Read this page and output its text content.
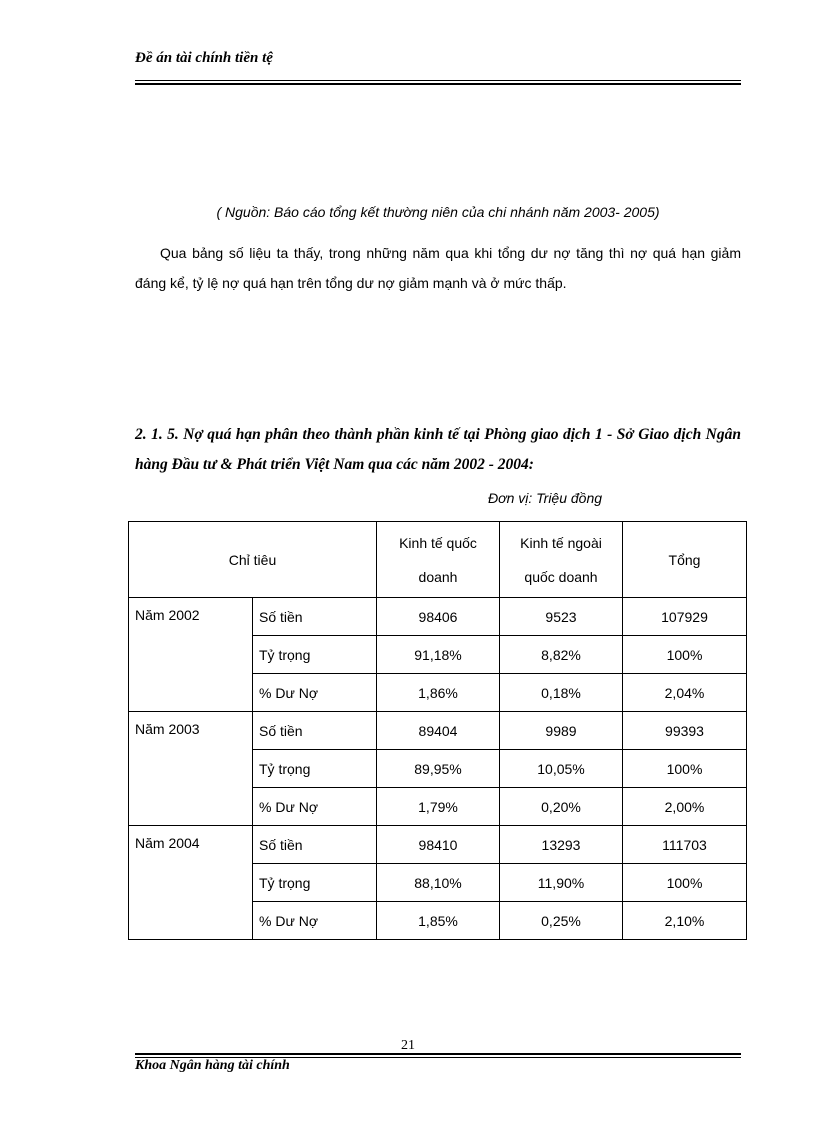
Đề án tài chính tiền tệ
( Nguồn: Báo cáo tổng kết thường niên của chi nhánh năm 2003- 2005)

Qua bảng số liệu ta thấy, trong những năm qua khi tổng dư nợ tăng thì nợ quá hạn giảm đáng kể, tỷ lệ nợ quá hạn trên tổng dư nợ giảm mạnh và ở mức thấp.

2. 1. 5. Nợ quá hạn phân theo thành phần kinh tế tại Phòng giao dịch 1 - Sở Giao dịch Ngân hàng Đầu tư & Phát triển Việt Nam qua các năm 2002 - 2004:

Đơn vị: Triệu đồng
Chỉ tiêu		Kinh tế quốc doanh	Kinh tế ngoài quốc doanh	Tổng
Năm 2002	Số tiền	98406	9523	107929
	Tỷ trọng	91,18%	8,82%	100%
	% Dư Nợ	1,86%	0,18%	2,04%
Năm 2003	Số tiền	89404	9989	99393
	Tỷ trọng	89,95%	10,05%	100%
	% Dư Nợ	1,79%	0,20%	2,00%
Năm 2004	Số tiền	98410	13293	111703
	Tỷ trọng	88,10%	11,90%	100%
	% Dư Nợ	1,85%	0,25%	2,10%
21
Khoa Ngân hàng tài chính
